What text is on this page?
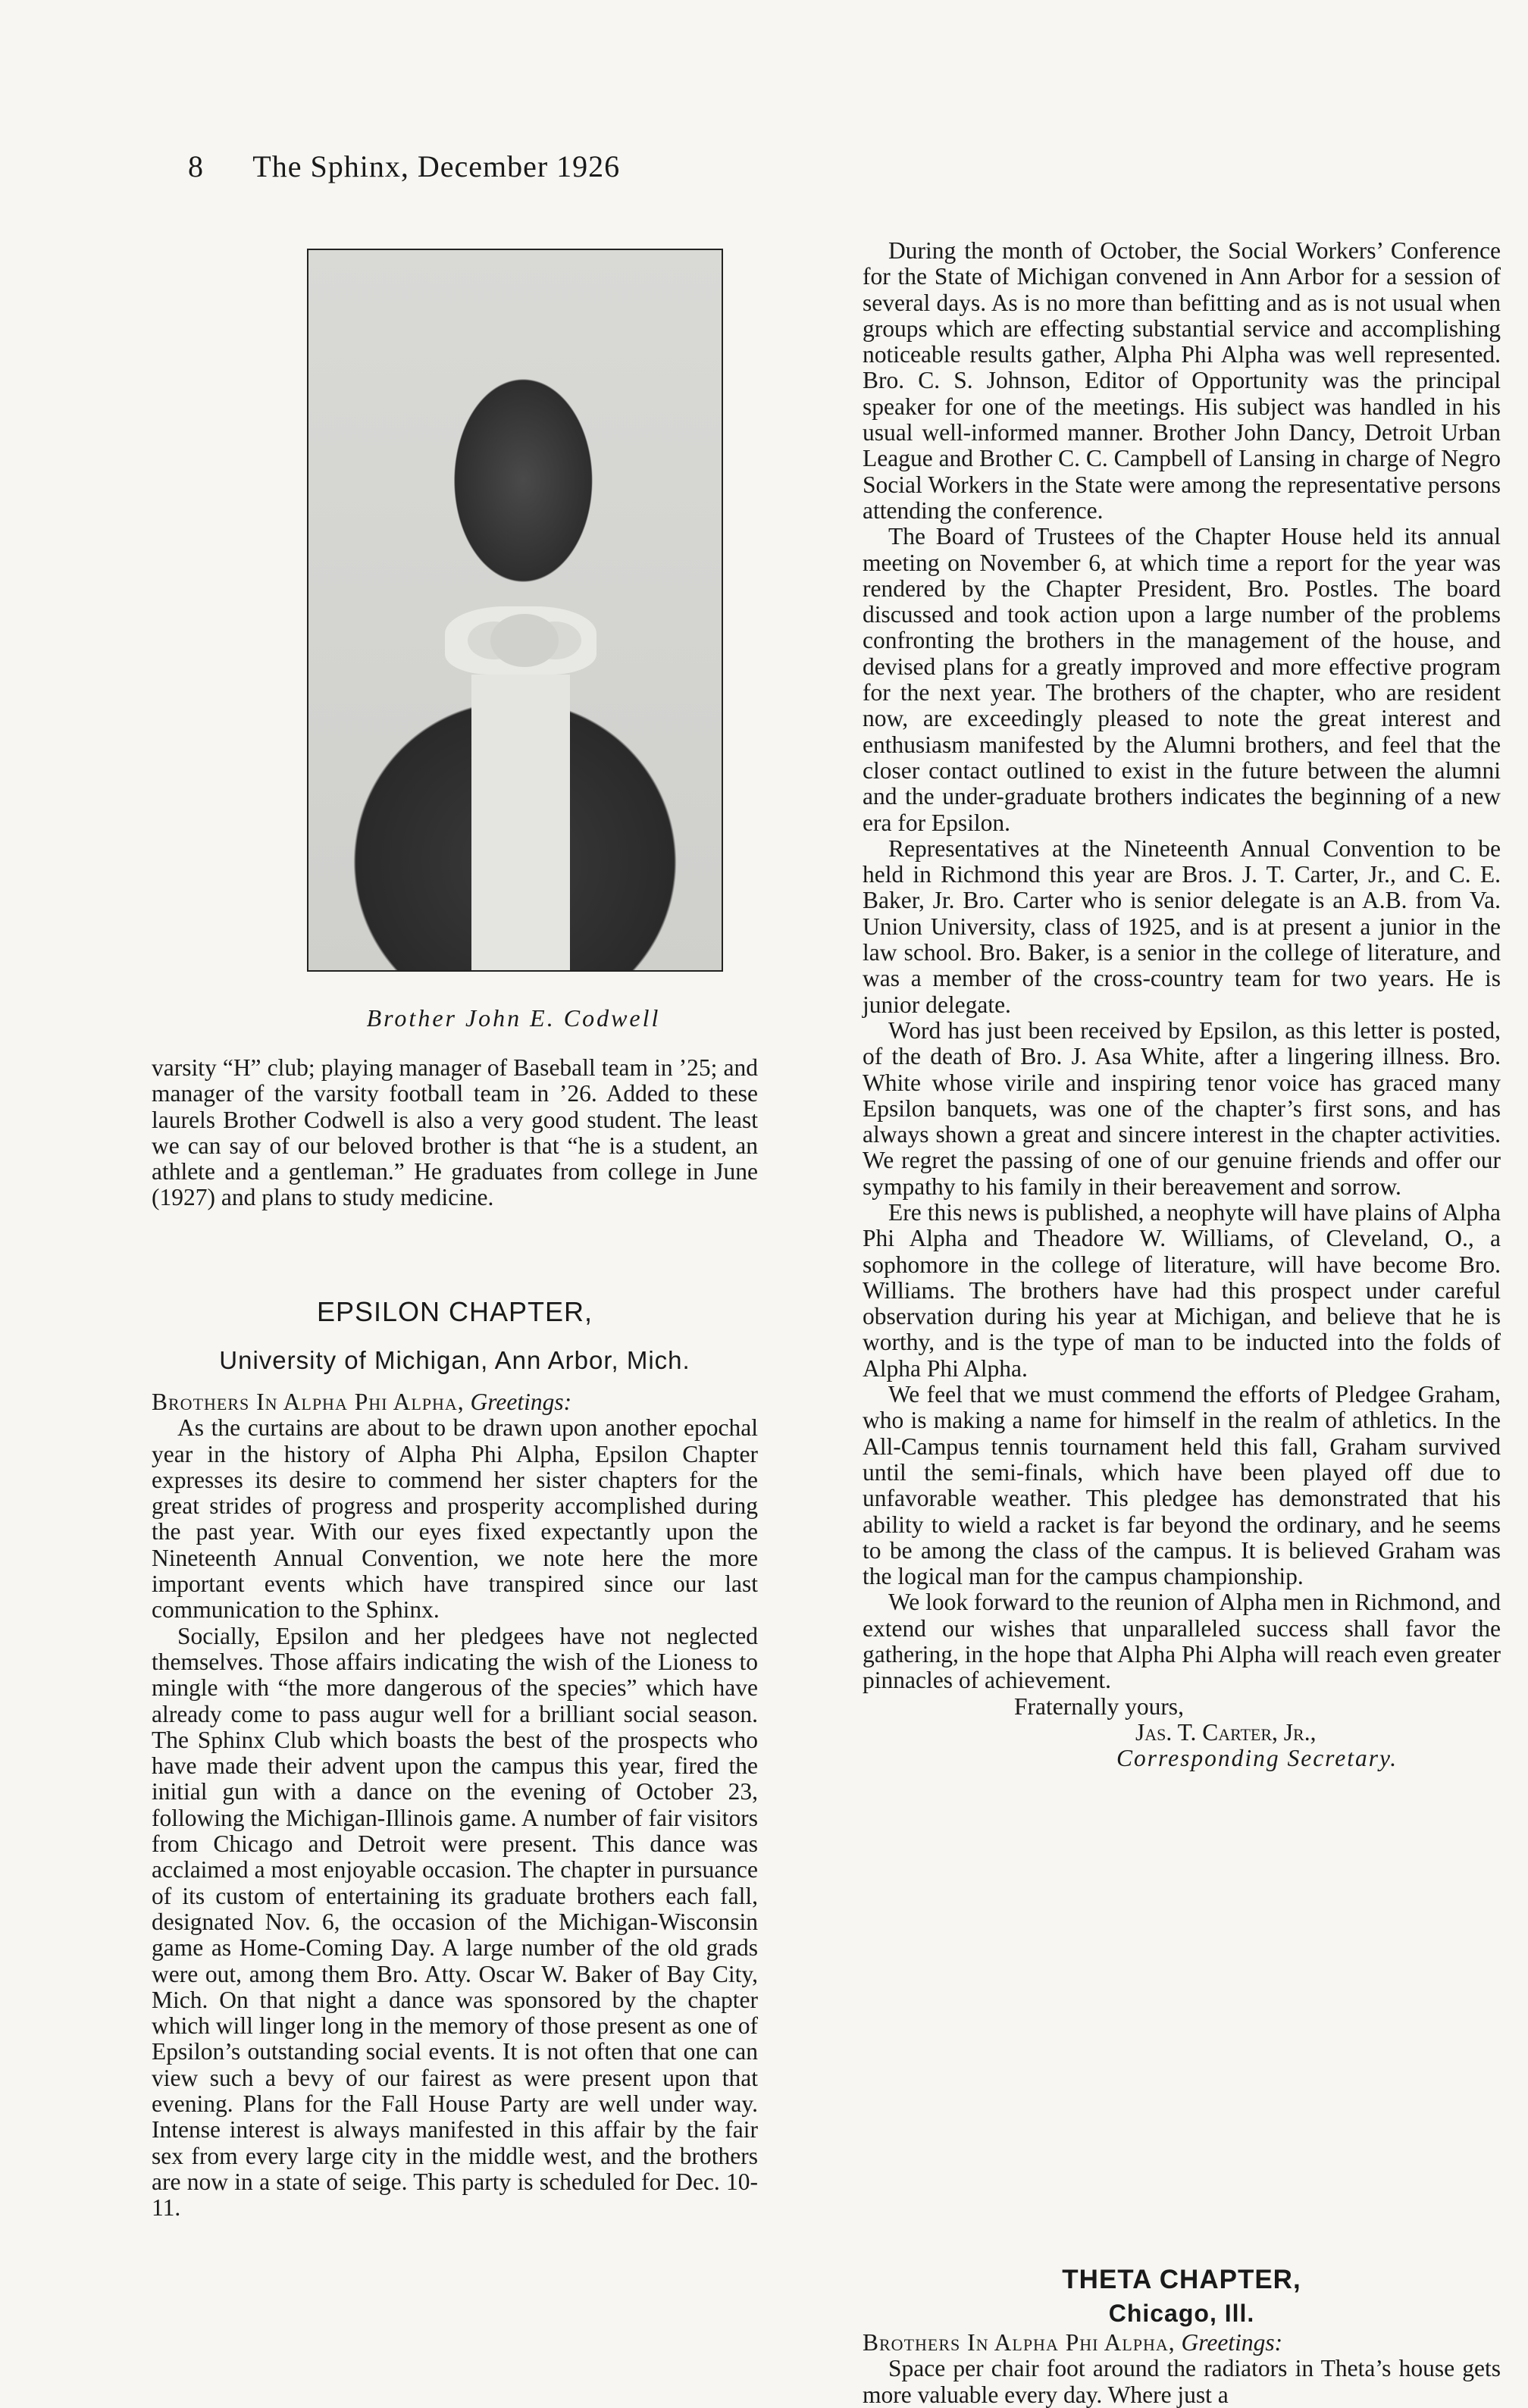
8 The Sphinx, December 1926
Brother John E. Codwell

varsity “H” club; playing manager of Baseball team in ’25; and manager of the varsity football team in ’26. Added to these laurels Brother Codwell is also a very good student. The least we can say of our beloved brother is that “he is a student, an athlete and a gentleman.” He graduates from college in June (1927) and plans to study medicine.

EPSILON CHAPTER,
University of Michigan, Ann Arbor, Mich.

Brothers In Alpha Phi Alpha, Greetings:

As the curtains are about to be drawn upon another epochal year in the history of Alpha Phi Alpha, Epsilon Chapter expresses its desire to commend her sister chapters for the great strides of progress and prosperity accomplished during the past year. With our eyes fixed expectantly upon the Nineteenth Annual Convention, we note here the more important events which have transpired since our last communication to the Sphinx.

Socially, Epsilon and her pledgees have not neglected themselves. Those affairs indicating the wish of the Lioness to mingle with “the more dangerous of the species” which have already come to pass augur well for a brilliant social season. The Sphinx Club which boasts the best of the prospects who have made their advent upon the campus this year, fired the initial gun with a dance on the evening of October 23, following the Michigan-Illinois game. A number of fair visitors from Chicago and Detroit were present. This dance was acclaimed a most enjoyable occasion. The chapter in pursuance of its custom of entertaining its graduate brothers each fall, designated Nov. 6, the occasion of the Michigan-Wisconsin game as Home-Coming Day. A large number of the old grads were out, among them Bro. Atty. Oscar W. Baker of Bay City, Mich. On that night a dance was sponsored by the chapter which will linger long in the memory of those present as one of Epsilon’s outstanding social events. It is not often that one can view such a bevy of our fairest as were present upon that evening. Plans for the Fall House Party are well under way. Intense interest is always manifested in this affair by the fair sex from every large city in the middle west, and the brothers are now in a state of seige. This party is scheduled for Dec. 10-11.

During the month of October, the Social Workers’ Conference for the State of Michigan convened in Ann Arbor for a session of several days. As is no more than befitting and as is not usual when groups which are effecting substantial service and accomplishing noticeable results gather, Alpha Phi Alpha was well represented. Bro. C. S. Johnson, Editor of Opportunity was the principal speaker for one of the meetings. His subject was handled in his usual well-informed manner. Brother John Dancy, Detroit Urban League and Brother C. C. Campbell of Lansing in charge of Negro Social Workers in the State were among the representative persons attending the conference.

The Board of Trustees of the Chapter House held its annual meeting on November 6, at which time a report for the year was rendered by the Chapter President, Bro. Postles. The board discussed and took action upon a large number of the problems confronting the brothers in the management of the house, and devised plans for a greatly improved and more effective program for the next year. The brothers of the chapter, who are resident now, are exceedingly pleased to note the great interest and enthusiasm manifested by the Alumni brothers, and feel that the closer contact outlined to exist in the future between the alumni and the under-graduate brothers indicates the beginning of a new era for Epsilon.

Representatives at the Nineteenth Annual Convention to be held in Richmond this year are Bros. J. T. Carter, Jr., and C. E. Baker, Jr. Bro. Carter who is senior delegate is an A.B. from Va. Union University, class of 1925, and is at present a junior in the law school. Bro. Baker, is a senior in the college of literature, and was a member of the cross-country team for two years. He is junior delegate.

Word has just been received by Epsilon, as this letter is posted, of the death of Bro. J. Asa White, after a lingering illness. Bro. White whose virile and inspiring tenor voice has graced many Epsilon banquets, was one of the chapter’s first sons, and has always shown a great and sincere interest in the chapter activities. We regret the passing of one of our genuine friends and offer our sympathy to his family in their bereavement and sorrow.

Ere this news is published, a neophyte will have plains of Alpha Phi Alpha and Theadore W. Williams, of Cleveland, O., a sophomore in the college of literature, will have become Bro. Williams. The brothers have had this prospect under careful observation during his year at Michigan, and believe that he is worthy, and is the type of man to be inducted into the folds of Alpha Phi Alpha.

We feel that we must commend the efforts of Pledgee Graham, who is making a name for himself in the realm of athletics. In the All-Campus tennis tournament held this fall, Graham survived until the semi-finals, which have been played off due to unfavorable weather. This pledgee has demonstrated that his ability to wield a racket is far beyond the ordinary, and he seems to be among the class of the campus. It is believed Graham was the logical man for the campus championship.

We look forward to the reunion of Alpha men in Richmond, and extend our wishes that unparalleled success shall favor the gathering, in the hope that Alpha Phi Alpha will reach even greater pinnacles of achievement.

Fraternally yours,
Jas. T. Carter, Jr.,
Corresponding Secretary.
THETA CHAPTER,
Chicago, Ill.

Brothers In Alpha Phi Alpha, Greetings:

Space per chair foot around the radiators in Theta’s house gets more valuable every day. Where just a
